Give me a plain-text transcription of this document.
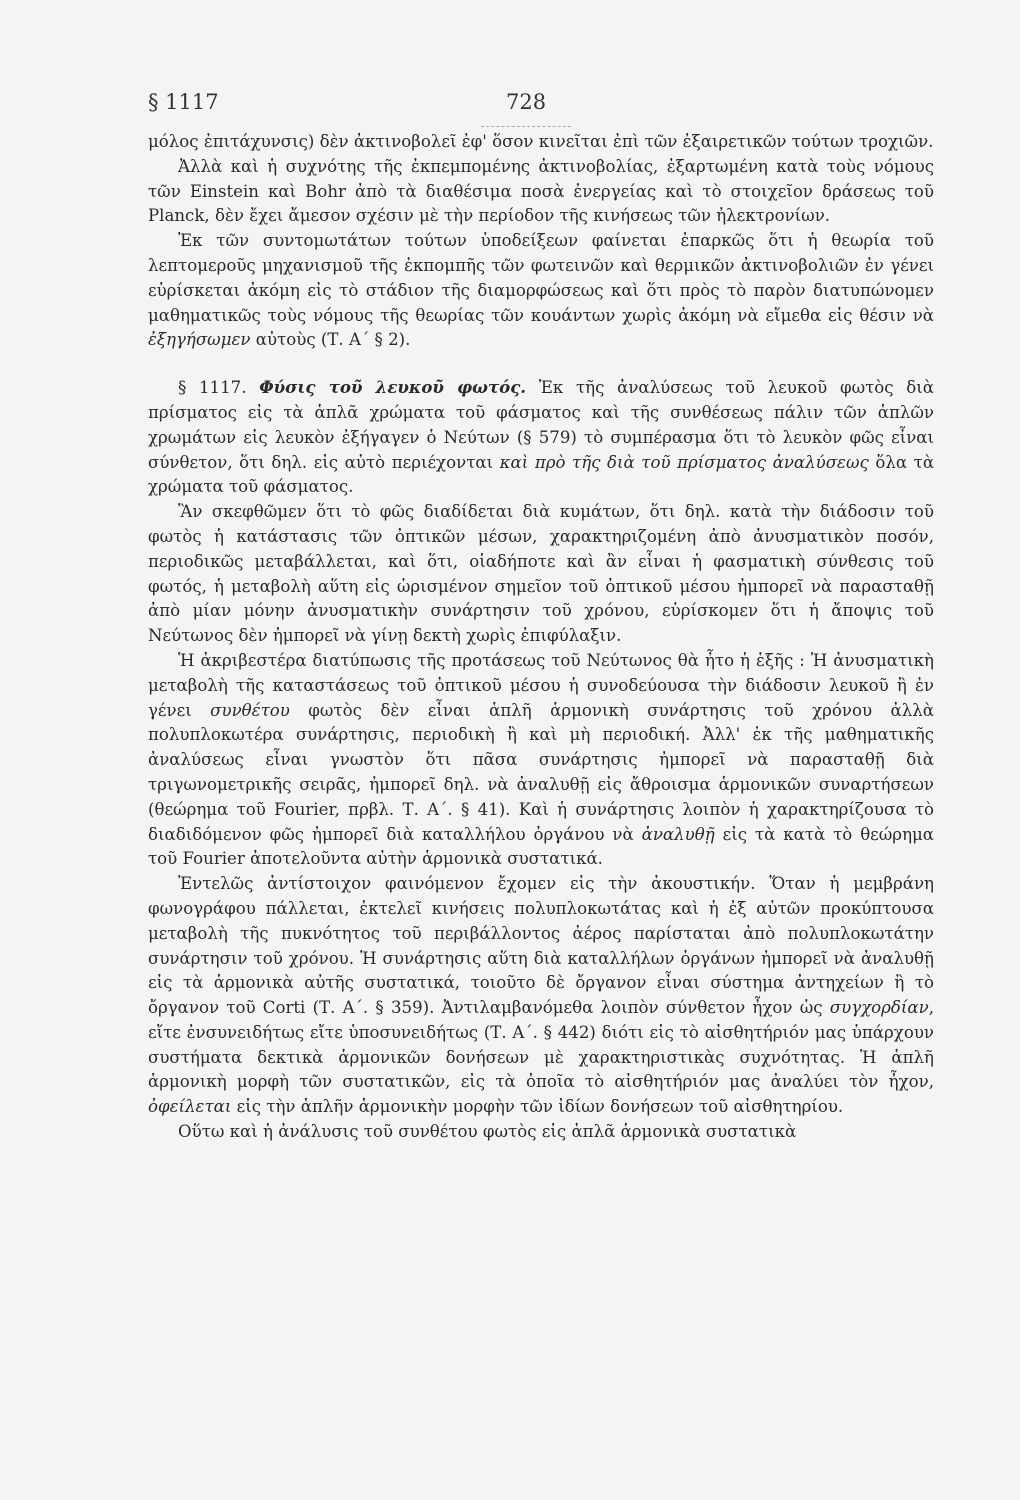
§ 1117	728

μόλος ἐπιτάχυνσις) δὲν ἀκτινοβολεῖ ἐφ' ὅσον κινεῖται ἐπὶ τῶν ἐξαιρετικῶν τούτων τροχιῶν.

Ἀλλὰ καὶ ἡ συχνότης τῆς ἐκπεμπομένης ἀκτινοβολίας, ἐξαρτωμένη κατὰ τοὺς νόμους τῶν Einstein καὶ Bohr ἀπὸ τὰ διαθέσιμα ποσὰ ἐνεργείας καὶ τὸ στοιχεῖον δράσεως τοῦ Planck, δὲν ἔχει ἄμεσον σχέσιν μὲ τὴν περίοδον τῆς κινήσεως τῶν ἠλεκτρονίων.

Ἐκ τῶν συντομωτάτων τούτων ὑποδείξεων φαίνεται ἐπαρκῶς ὅτι ἡ θεωρία τοῦ λεπτομεροῦς μηχανισμοῦ τῆς ἐκπομπῆς τῶν φωτεινῶν καὶ θερμικῶν ἀκτινοβολιῶν ἐν γένει εὑρίσκεται ἀκόμη εἰς τὸ στάδιον τῆς διαμορφώσεως καὶ ὅτι πρὸς τὸ παρὸν διατυπώνομεν μαθηματικῶς τοὺς νόμους τῆς θεωρίας τῶν κουάντων χωρὶς ἀκόμη νὰ εἴμεθα εἰς θέσιν νὰ ἐξηγήσωμεν αὐτοὺς (Τ. Α΄ § 2).

§ 1117. Φύσις τοῦ λευκοῦ φωτός. Ἐκ τῆς ἀναλύσεως τοῦ λευκοῦ φωτὸς διὰ πρίσματος εἰς τὰ ἁπλᾶ χρώματα τοῦ φάσματος καὶ τῆς συνθέσεως πάλιν τῶν ἁπλῶν χρωμάτων εἰς λευκὸν ἐξήγαγεν ὁ Νεύτων (§ 579) τὸ συμπέρασμα ὅτι τὸ λευκὸν φῶς εἶναι σύνθετον, ὅτι δηλ. εἰς αὐτὸ περιέχονται καὶ πρὸ τῆς διὰ τοῦ πρίσματος ἀναλύσεως ὅλα τὰ χρώματα τοῦ φάσματος.

Ἂν σκεφθῶμεν ὅτι τὸ φῶς διαδίδεται διὰ κυμάτων, ὅτι δηλ. κατὰ τὴν διάδοσιν τοῦ φωτὸς ἡ κατάστασις τῶν ὀπτικῶν μέσων, χαρακτηριζομένη ἀπὸ ἀνυσματικὸν ποσόν, περιοδικῶς μεταβάλλεται, καὶ ὅτι, οἱαδήποτε καὶ ἂν εἶναι ἡ φασματικὴ σύνθεσις τοῦ φωτός, ἡ μεταβολὴ αὕτη εἰς ὡρισμένον σημεῖον τοῦ ὀπτικοῦ μέσου ἠμπορεῖ νὰ παρασταθῇ ἀπὸ μίαν μόνην ἀνυσματικὴν συνάρτησιν τοῦ χρόνου, εὑρίσκομεν ὅτι ἡ ἄποψις τοῦ Νεύτωνος δὲν ἠμπορεῖ νὰ γίνῃ δεκτὴ χωρὶς ἐπιφύλαξιν.

Ἡ ἀκριβεστέρα διατύπωσις τῆς προτάσεως τοῦ Νεύτωνος θὰ ἦτο ἡ ἑξῆς : Ἡ ἀνυσματικὴ μεταβολὴ τῆς καταστάσεως τοῦ ὀπτικοῦ μέσου ἡ συνοδεύουσα τὴν διάδοσιν λευκοῦ ἢ ἐν γένει συνθέτου φωτὸς δὲν εἶναι ἁπλῆ ἁρμονικὴ συνάρτησις τοῦ χρόνου ἀλλὰ πολυπλοκωτέρα συνάρτησις, περιοδικὴ ἢ καὶ μὴ περιοδική. Ἀλλ' ἐκ τῆς μαθηματικῆς ἀναλύσεως εἶναι γνωστὸν ὅτι πᾶσα συνάρτησις ἠμπορεῖ νὰ παρασταθῇ διὰ τριγωνομετρικῆς σειρᾶς, ἠμπορεῖ δηλ. νὰ ἀναλυθῇ εἰς ἄθροισμα ἁρμονικῶν συναρτήσεων (θεώρημα τοῦ Fourier, πρβλ. Τ. Α΄. § 41). Καὶ ἡ συνάρτησις λοιπὸν ἡ χαρακτηρίζουσα τὸ διαδιδόμενον φῶς ἠμπορεῖ διὰ καταλλήλου ὀργάνου νὰ ἀναλυθῇ εἰς τὰ κατὰ τὸ θεώρημα τοῦ Fourier ἀποτελοῦντα αὐτὴν ἁρμονικὰ συστατικά.

Ἐντελῶς ἀντίστοιχον φαινόμενον ἔχομεν εἰς τὴν ἀκουστικήν. Ὅταν ἡ μεμβράνη φωνογράφου πάλλεται, ἐκτελεῖ κινήσεις πολυπλοκωτάτας καὶ ἡ ἐξ αὐτῶν προκύπτουσα μεταβολὴ τῆς πυκνότητος τοῦ περιβάλλοντος ἀέρος παρίσταται ἀπὸ πολυπλοκωτάτην συνάρτησιν τοῦ χρόνου. Ἡ συνάρτησις αὕτη διὰ καταλλήλων ὀργάνων ἠμπορεῖ νὰ ἀναλυθῇ εἰς τὰ ἁρμονικὰ αὐτῆς συστατικά, τοιοῦτο δὲ ὄργανον εἶναι σύστημα ἀντηχείων ἢ τὸ ὄργανον τοῦ Corti (Τ. Α΄. § 359). Ἀντιλαμβανόμεθα λοιπὸν σύνθετον ἦχον ὡς συγχορδίαν, εἴτε ἐνσυνειδήτως εἴτε ὑποσυνειδήτως (Τ. Α΄. § 442) διότι εἰς τὸ αἰσθητήριόν μας ὑπάρχουν συστήματα δεκτικὰ ἁρμονικῶν δονήσεων μὲ χαρακτηριστικὰς συχνότητας. Ἡ ἁπλῆ ἁρμονικὴ μορφὴ τῶν συστατικῶν, εἰς τὰ ὁποῖα τὸ αἰσθητήριόν μας ἀναλύει τὸν ἦχον, ὀφείλεται εἰς τὴν ἁπλῆν ἁρμονικὴν μορφὴν τῶν ἰδίων δονήσεων τοῦ αἰσθητηρίου.

Οὕτω καὶ ἡ ἀνάλυσις τοῦ συνθέτου φωτὸς εἰς ἁπλᾶ ἁρμονικὰ συστατικὰ
